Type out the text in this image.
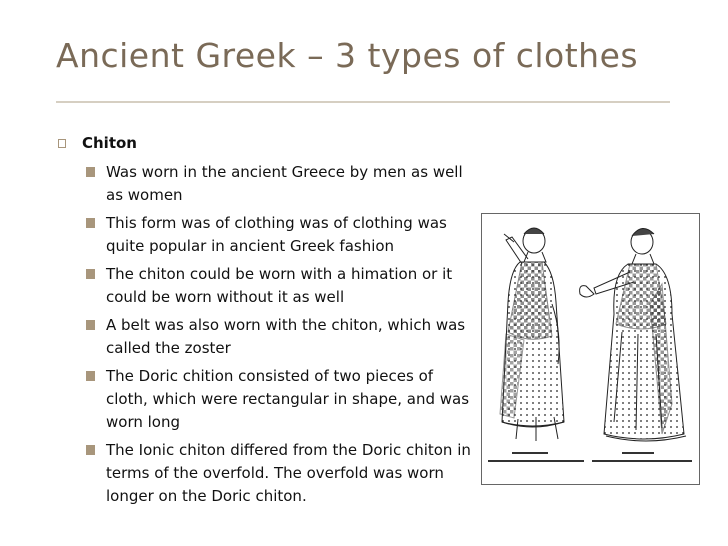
Ancient Greek – 3 types of clothes
Chiton
Was worn in the ancient Greece by men as well as women
This form was of clothing was of clothing was quite popular in ancient Greek fashion
The chiton could be worn with a himation or it could be worn without it as well
A belt was also worn with the chiton, which was called the zoster
The Doric chition consisted of two pieces of cloth, which were rectangular in shape, and was worn long
The Ionic chiton differed from the Doric chiton in terms of the overfold. The overfold was worn longer on the Doric chiton.
